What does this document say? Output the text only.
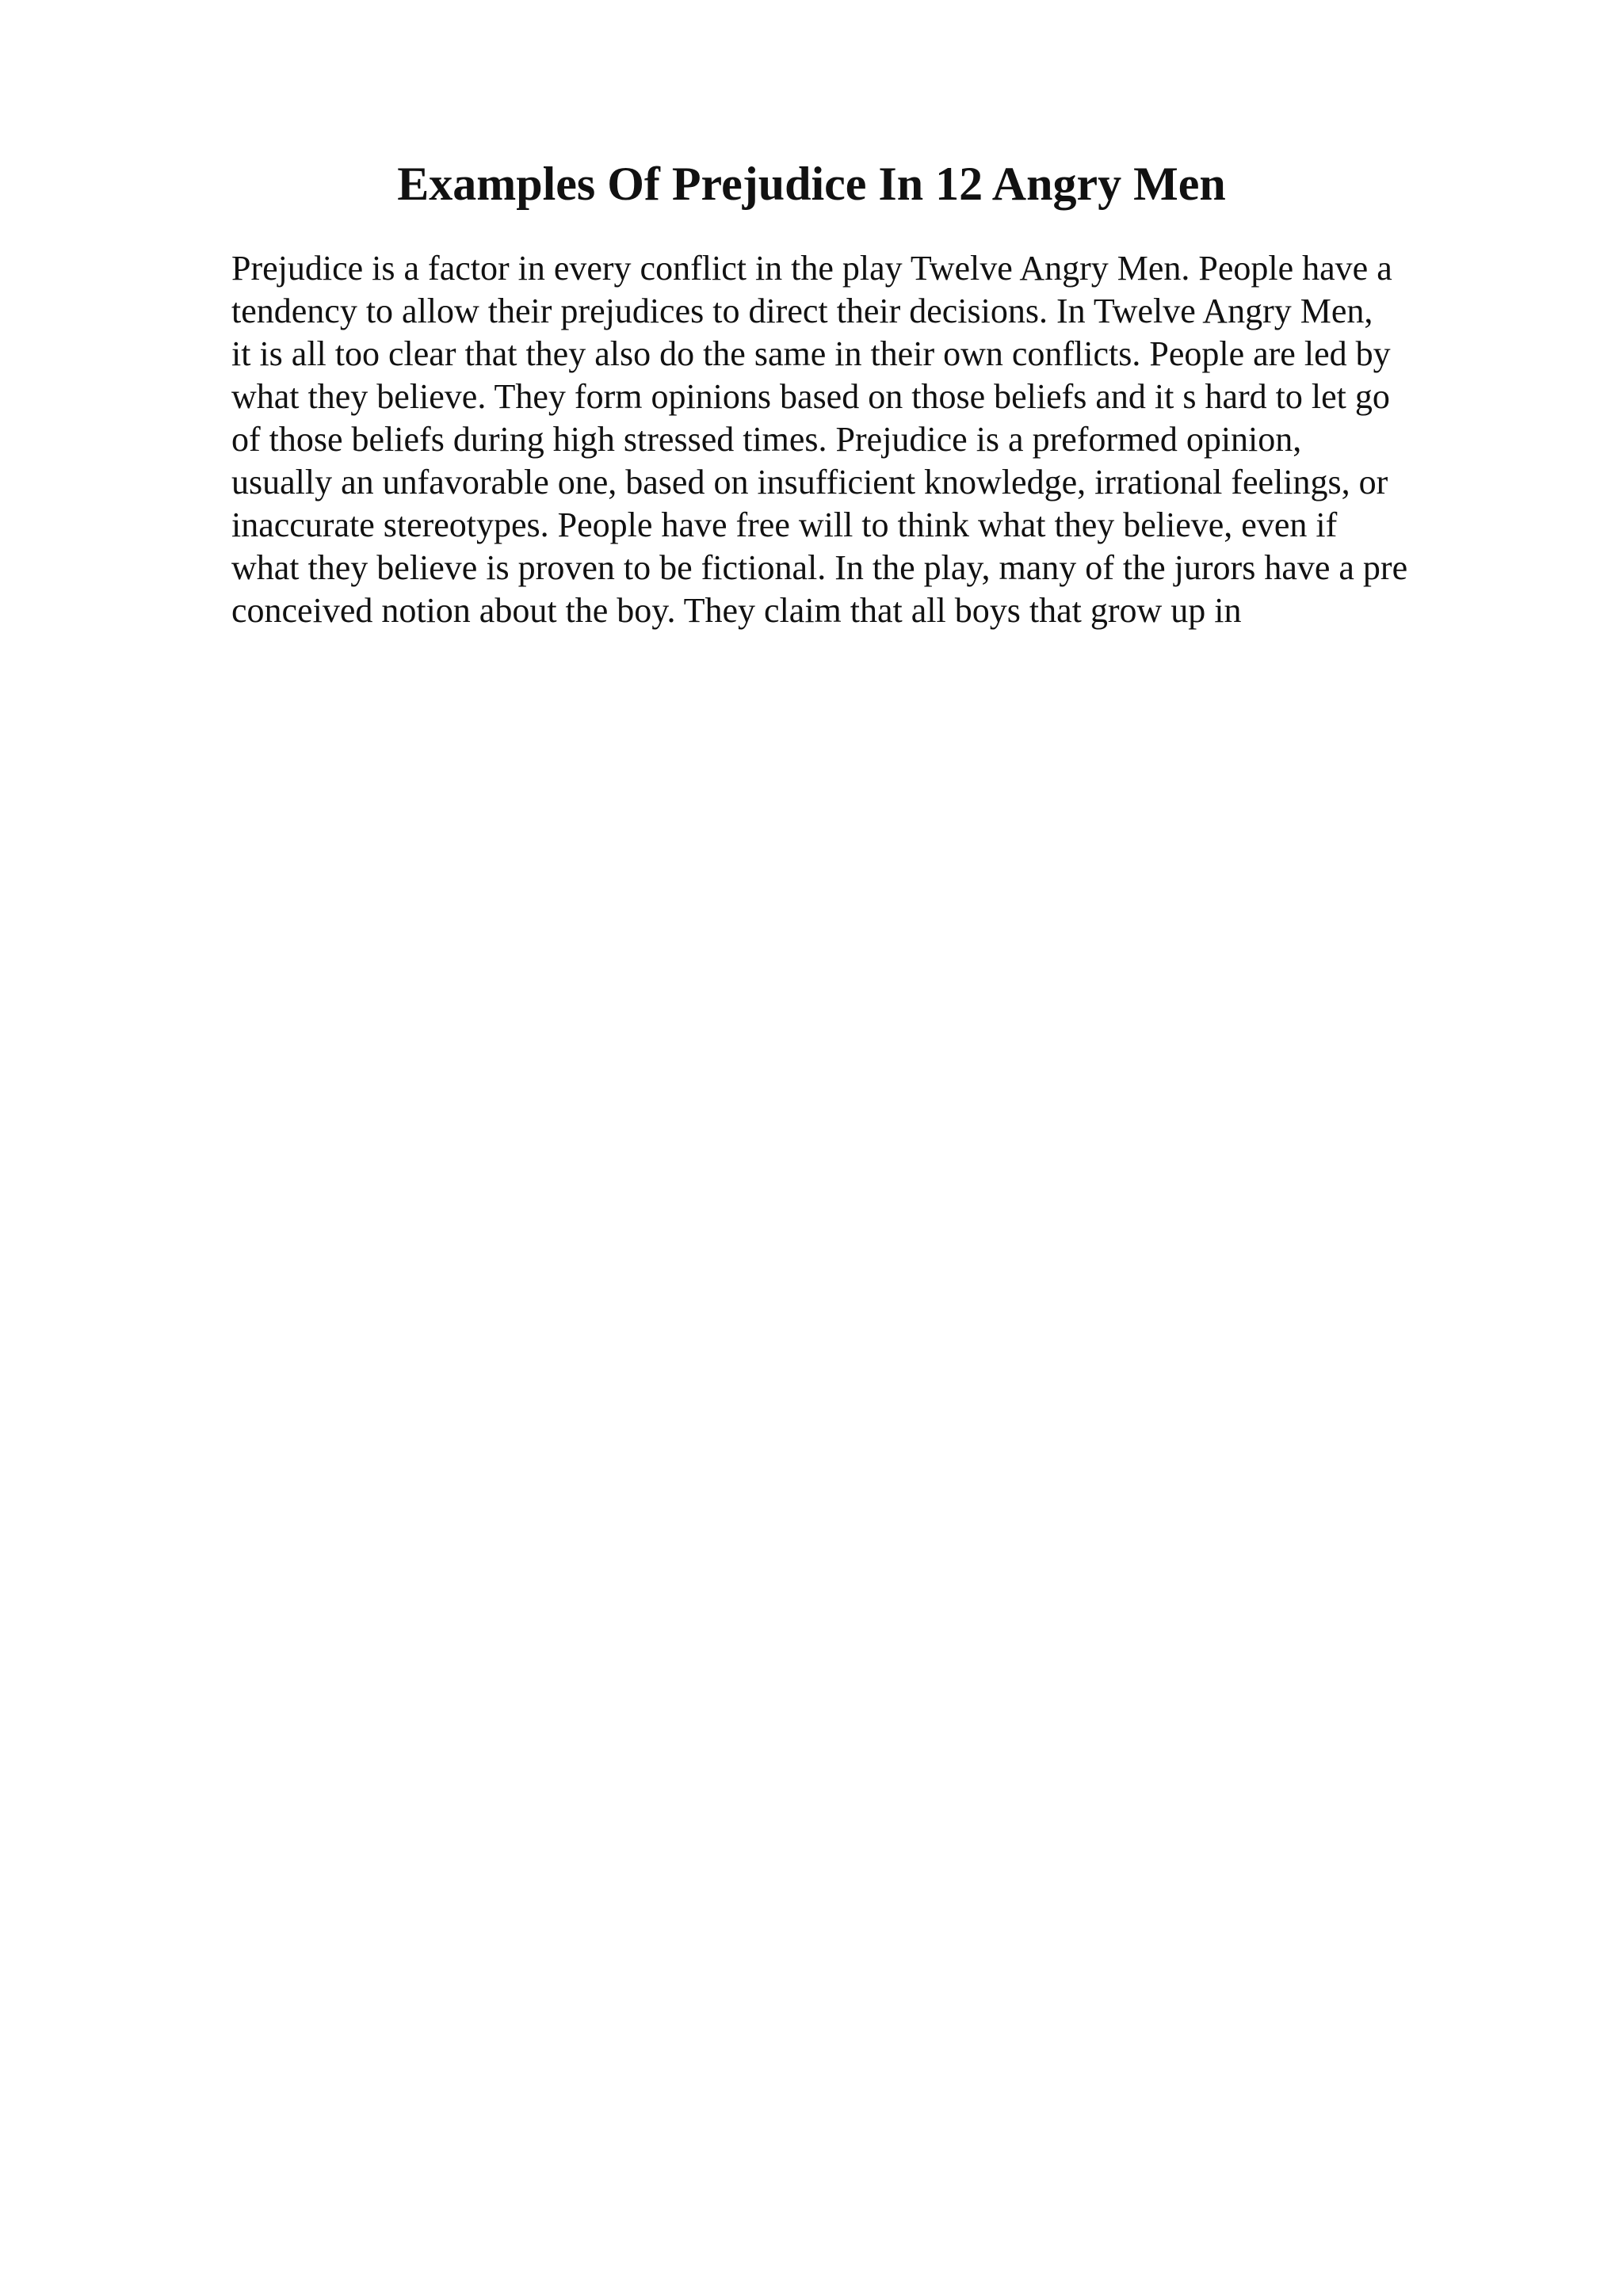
Examples Of Prejudice In 12 Angry Men
Prejudice is a factor in every conflict in the play Twelve Angry Men. People have a
tendency to allow their prejudices to direct their decisions. In Twelve Angry Men,
it is all too clear that they also do the same in their own conflicts. People are led by
what they believe. They form opinions based on those beliefs and it s hard to let go
of those beliefs during high stressed times. Prejudice is a preformed opinion,
usually an unfavorable one, based on insufficient knowledge, irrational feelings, or
inaccurate stereotypes. People have free will to think what they believe, even if
what they believe is proven to be fictional. In the play, many of the jurors have a pre
conceived notion about the boy. They claim that all boys that grow up in
